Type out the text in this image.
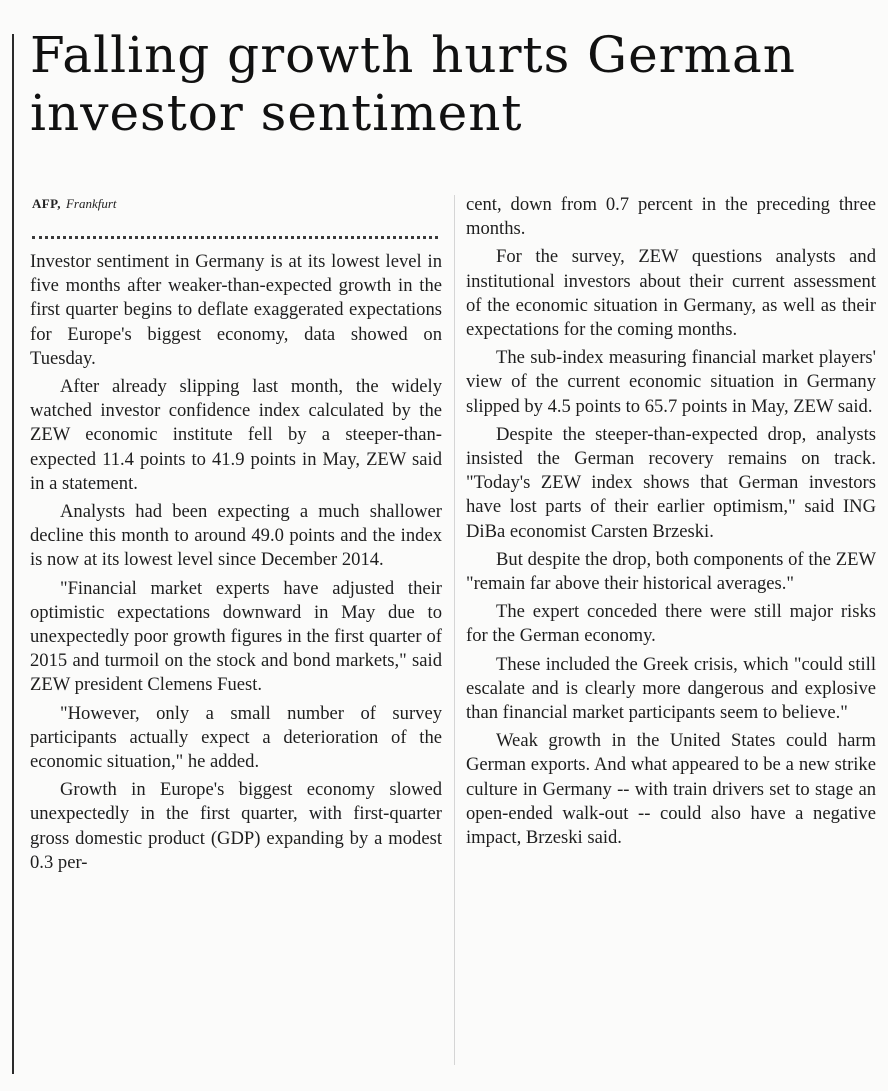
Falling growth hurts German
investor sentiment
AFP, Frankfurt

Investor sentiment in Germany is at its lowest level in five months after weaker-than-expected growth in the first quarter begins to deflate exaggerated expectations for Europe's biggest economy, data showed on Tuesday.

After already slipping last month, the widely watched investor confidence index calculated by the ZEW economic institute fell by a steeper-than-expected 11.4 points to 41.9 points in May, ZEW said in a statement.

Analysts had been expecting a much shallower decline this month to around 49.0 points and the index is now at its lowest level since December 2014.

"Financial market experts have adjusted their optimistic expectations downward in May due to unexpectedly poor growth figures in the first quarter of 2015 and turmoil on the stock and bond markets," said ZEW president Clemens Fuest.

"However, only a small number of survey participants actually expect a deterioration of the economic situation," he added.

Growth in Europe's biggest economy slowed unexpectedly in the first quarter, with first-quarter gross domestic product (GDP) expanding by a modest 0.3 per-

cent, down from 0.7 percent in the preceding three months.

For the survey, ZEW questions analysts and institutional investors about their current assessment of the economic situation in Germany, as well as their expectations for the coming months.

The sub-index measuring financial market players' view of the current economic situation in Germany slipped by 4.5 points to 65.7 points in May, ZEW said.

Despite the steeper-than-expected drop, analysts insisted the German recovery remains on track. "Today's ZEW index shows that German investors have lost parts of their earlier optimism," said ING DiBa economist Carsten Brzeski.

But despite the drop, both components of the ZEW "remain far above their historical averages."

The expert conceded there were still major risks for the German economy.

These included the Greek crisis, which "could still escalate and is clearly more dangerous and explosive than financial market participants seem to believe."

Weak growth in the United States could harm German exports. And what appeared to be a new strike culture in Germany -- with train drivers set to stage an open-ended walk-out -- could also have a negative impact, Brzeski said.
